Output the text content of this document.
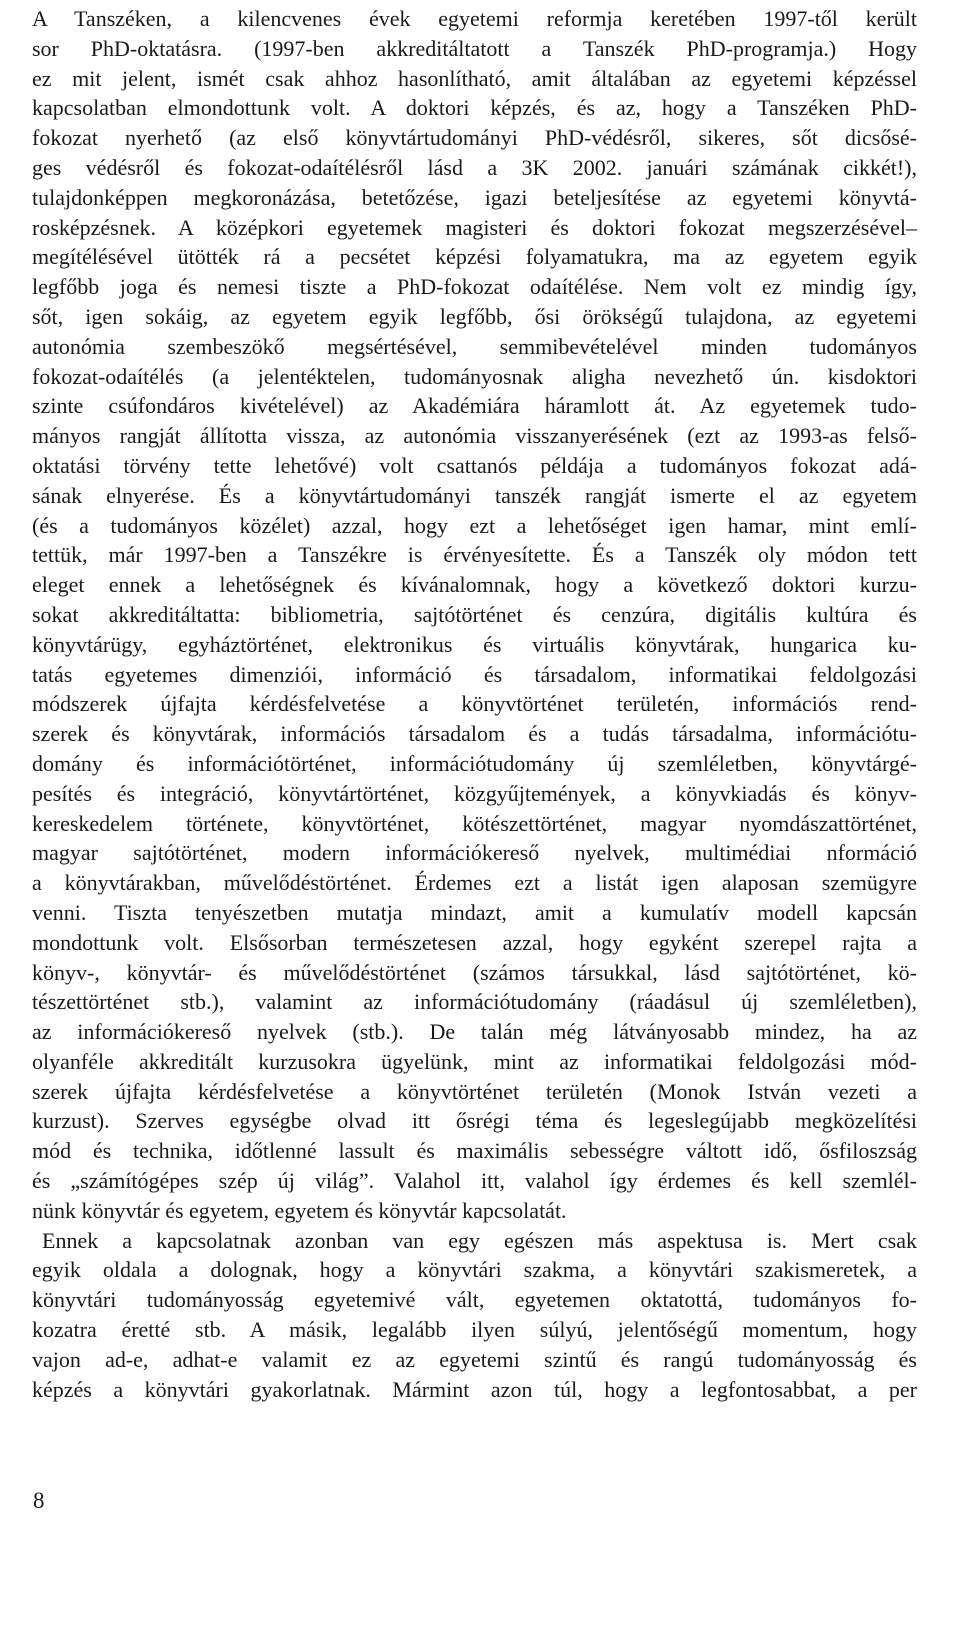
A Tanszéken, a kilencvenes évek egyetemi reformja keretében 1997-től került
sor PhD-oktatásra. (1997-ben akkreditáltatott a Tanszék PhD-programja.) Hogy
ez mit jelent, ismét csak ahhoz hasonlítható, amit általában az egyetemi képzéssel
kapcsolatban elmondottunk volt. A doktori képzés, és az, hogy a Tanszéken PhD-
fokozat nyerhető (az első könyvtártudományi PhD-védésről, sikeres, sőt dicsősé-
ges védésről és fokozat-odaítélésről lásd a 3K 2002. januári számának cikkét!),
tulajdonképpen megkoronázása, betetőzése, igazi beteljesítése az egyetemi könyvtá-
rosképzésnek. A középkori egyetemek magisteri és doktori fokozat megszerzésével–
megítélésével ütötték rá a pecsétet képzési folyamatukra, ma az egyetem egyik
legfőbb joga és nemesi tiszte a PhD-fokozat odaítélése. Nem volt ez mindig így,
sőt, igen sokáig, az egyetem egyik legfőbb, ősi örökségű tulajdona, az egyetemi
autonómia szembeszökő megsértésével, semmibevételével minden tudományos
fokozat-odaítélés (a jelentéktelen, tudományosnak aligha nevezhető ún. kisdoktori
szinte csúfondáros kivételével) az Akadémiára háramlott át. Az egyetemek tudo-
mányos rangját állította vissza, az autonómia visszanyerésének (ezt az 1993-as felső-
oktatási törvény tette lehetővé) volt csattanós példája a tudományos fokozat adá-
sának elnyerése. És a könyvtártudományi tanszék rangját ismerte el az egyetem
(és a tudományos közélet) azzal, hogy ezt a lehetőséget igen hamar, mint emlí-
tettük, már 1997-ben a Tanszékre is érvényesítette. És a Tanszék oly módon tett
eleget ennek a lehetőségnek és kívánalomnak, hogy a következő doktori kurzu-
sokat akkreditáltatta: bibliometria, sajtótörténet és cenzúra, digitális kultúra és
könyvtárügy, egyháztörténet, elektronikus és virtuális könyvtárak, hungarica ku-
tatás egyetemes dimenziói, információ és társadalom, informatikai feldolgozási
módszerek újfajta kérdésfelvetése a könyvtörténet területén, információs rend-
szerek és könyvtárak, információs társadalom és a tudás társadalma, információtu-
domány és információtörténet, információtudomány új szemléletben, könyvtárgé-
pesítés és integráció, könyvtártörténet, közgyűjtemények, a könyvkiadás és könyv-
kereskedelem története, könyvtörténet, kötészettörténet, magyar nyomdászattörténet,
magyar sajtótörténet, modern információkereső nyelvek, multimédiai nformáció
a könyvtárakban, művelődéstörténet. Érdemes ezt a listát igen alaposan szemügyre
venni. Tiszta tenyészetben mutatja mindazt, amit a kumulatív modell kapcsán
mondottunk volt. Elsősorban természetesen azzal, hogy egyként szerepel rajta a
könyv-, könyvtár- és művelődéstörténet (számos társukkal, lásd sajtótörténet, kö-
tészettörténet stb.), valamint az információtudomány (ráadásul új szemléletben),
az információkereső nyelvek (stb.). De talán még látványosabb mindez, ha az
olyanféle akkreditált kurzusokra ügyelünk, mint az informatikai feldolgozási mód-
szerek újfajta kérdésfelvetése a könyvtörténet területén (Monok István vezeti a
kurzust). Szerves egységbe olvad itt ősrégi téma és legeslegújabb megközelítési
mód és technika, időtlenné lassult és maximális sebességre váltott idő, ősfiloszság
és „számítógépes szép új világ”. Valahol itt, valahol így érdemes és kell szemlél-
nünk könyvtár és egyetem, egyetem és könyvtár kapcsolatát.
Ennek a kapcsolatnak azonban van egy egészen más aspektusa is. Mert csak
egyik oldala a dolognak, hogy a könyvtári szakma, a könyvtári szakismeretek, a
könyvtári tudományosság egyetemivé vált, egyetemen oktatottá, tudományos fo-
kozatra éretté stb. A másik, legalább ilyen súlyú, jelentőségű momentum, hogy
vajon ad-e, adhat-e valamit ez az egyetemi szintű és rangú tudományosság és
képzés a könyvtári gyakorlatnak. Mármint azon túl, hogy a legfontosabbat, a per
8
